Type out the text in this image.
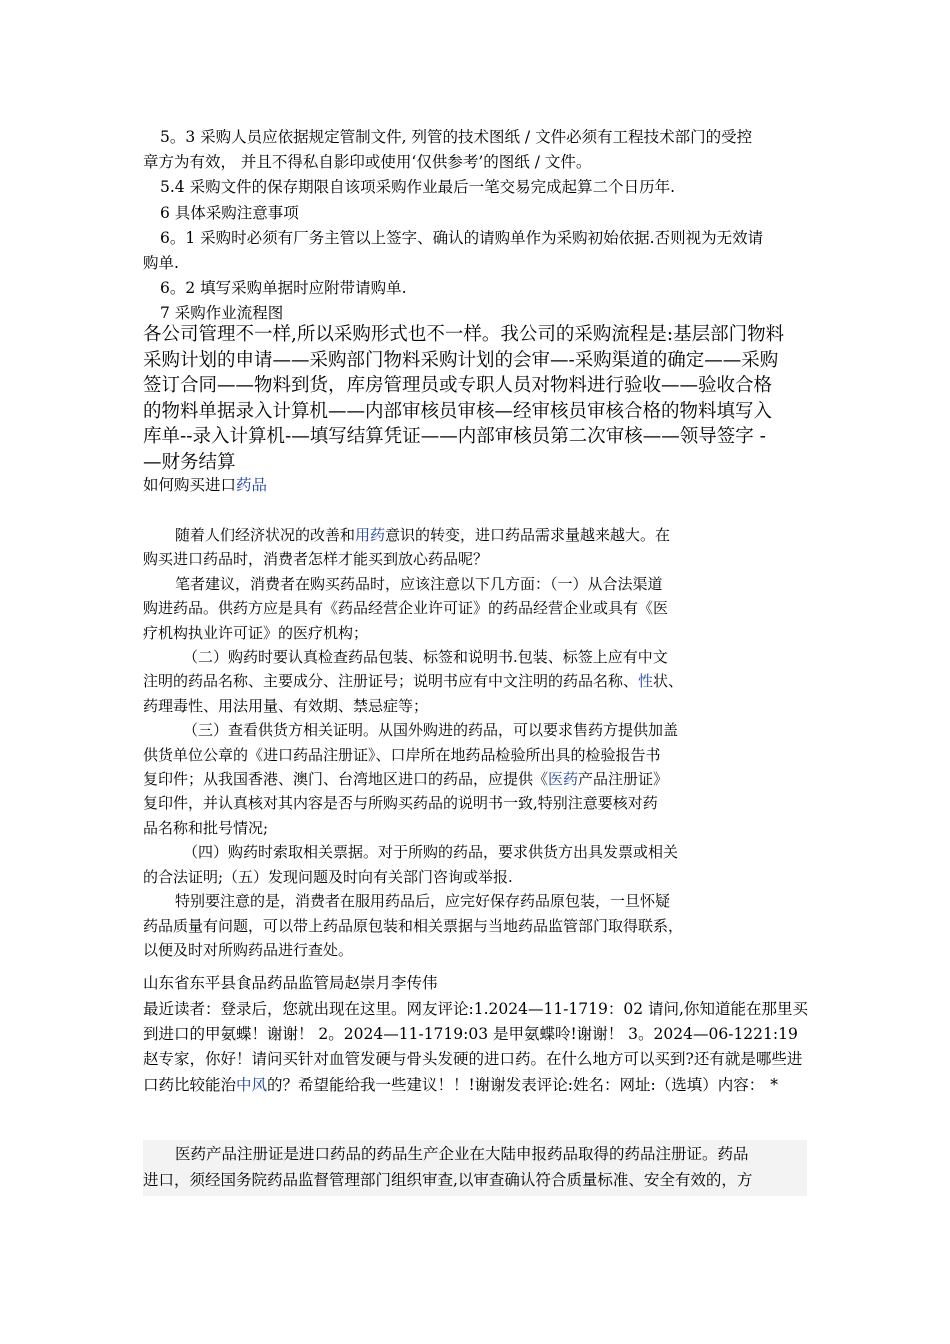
5。3 采购人员应依据规定管制文件, 列管的技术图纸 / 文件必须有工程技术部门的受控

章方为有效， 并且不得私自影印或使用‘仅供参考’的图纸 / 文件。

5.4 采购文件的保存期限自该项采购作业最后一笔交易完成起算二个日历年.

6 具体采购注意事项

6。1 采购时必须有厂务主管以上签字、确认的请购单作为采购初始依据.否则视为无效请

购单.

6。2 填写采购单据时应附带请购单.

7 采购作业流程图

各公司管理不一样,所以采购形式也不一样。我公司的采购流程是:基层部门物料

采购计划的申请——采购部门物料采购计划的会审—-采购渠道的确定——采购

签订合同——物料到货，库房管理员或专职人员对物料进行验收——验收合格

的物料单据录入计算机——内部审核员审核—经审核员审核合格的物料填写入

库单--录入计算机-—填写结算凭证——内部审核员第二次审核——领导签字 -

—财务结算

如何购买进口药品

随着人们经济状况的改善和用药意识的转变，进口药品需求量越来越大。在

购买进口药品时，消费者怎样才能买到放心药品呢？

笔者建议，消费者在购买药品时，应该注意以下几方面：（一）从合法渠道

购进药品。供药方应是具有《药品经营企业许可证》的药品经营企业或具有《医

疗机构执业许可证》的医疗机构；

（二）购药时要认真检查药品包装、标签和说明书.包装、标签上应有中文

注明的药品名称、主要成分、注册证号；说明书应有中文注明的药品名称、性状、

药理毒性、用法用量、有效期、禁忌症等；

（三）查看供货方相关证明。从国外购进的药品，可以要求售药方提供加盖

供货单位公章的《进口药品注册证》、口岸所在地药品检验所出具的检验报告书

复印件；从我国香港、澳门、台湾地区进口的药品，应提供《医药产品注册证》

复印件，并认真核对其内容是否与所购买药品的说明书一致,特别注意要核对药

品名称和批号情况;

（四）购药时索取相关票据。对于所购的药品，要求供货方出具发票或相关

的合法证明;（五）发现问题及时向有关部门咨询或举报.

特别要注意的是，消费者在服用药品后，应完好保存药品原包装，一旦怀疑

药品质量有问题，可以带上药品原包装和相关票据与当地药品监管部门取得联系，

以便及时对所购药品进行查处。

山东省东平县食品药品监管局赵崇月李传伟
最近读者：登录后，您就出现在这里。网友评论:1.2024—11-1719：02 请问,你知道能在那里买到进口的甲氨蝶！谢谢！ 2。2024—11-1719:03 是甲氨蝶呤!谢谢！ 3。2024—06-1221:19 赵专家，你好！请问买针对血管发硬与骨头发硬的进口药。在什么地方可以买到?还有就是哪些进口药比较能治中风的？希望能给我一些建议！！!谢谢发表评论:姓名：网址:（选填）内容： *

医药产品注册证是进口药品的药品生产企业在大陆申报药品取得的药品注册证。药品

进口，须经国务院药品监督管理部门组织审查,以审查确认符合质量标准、安全有效的，方
